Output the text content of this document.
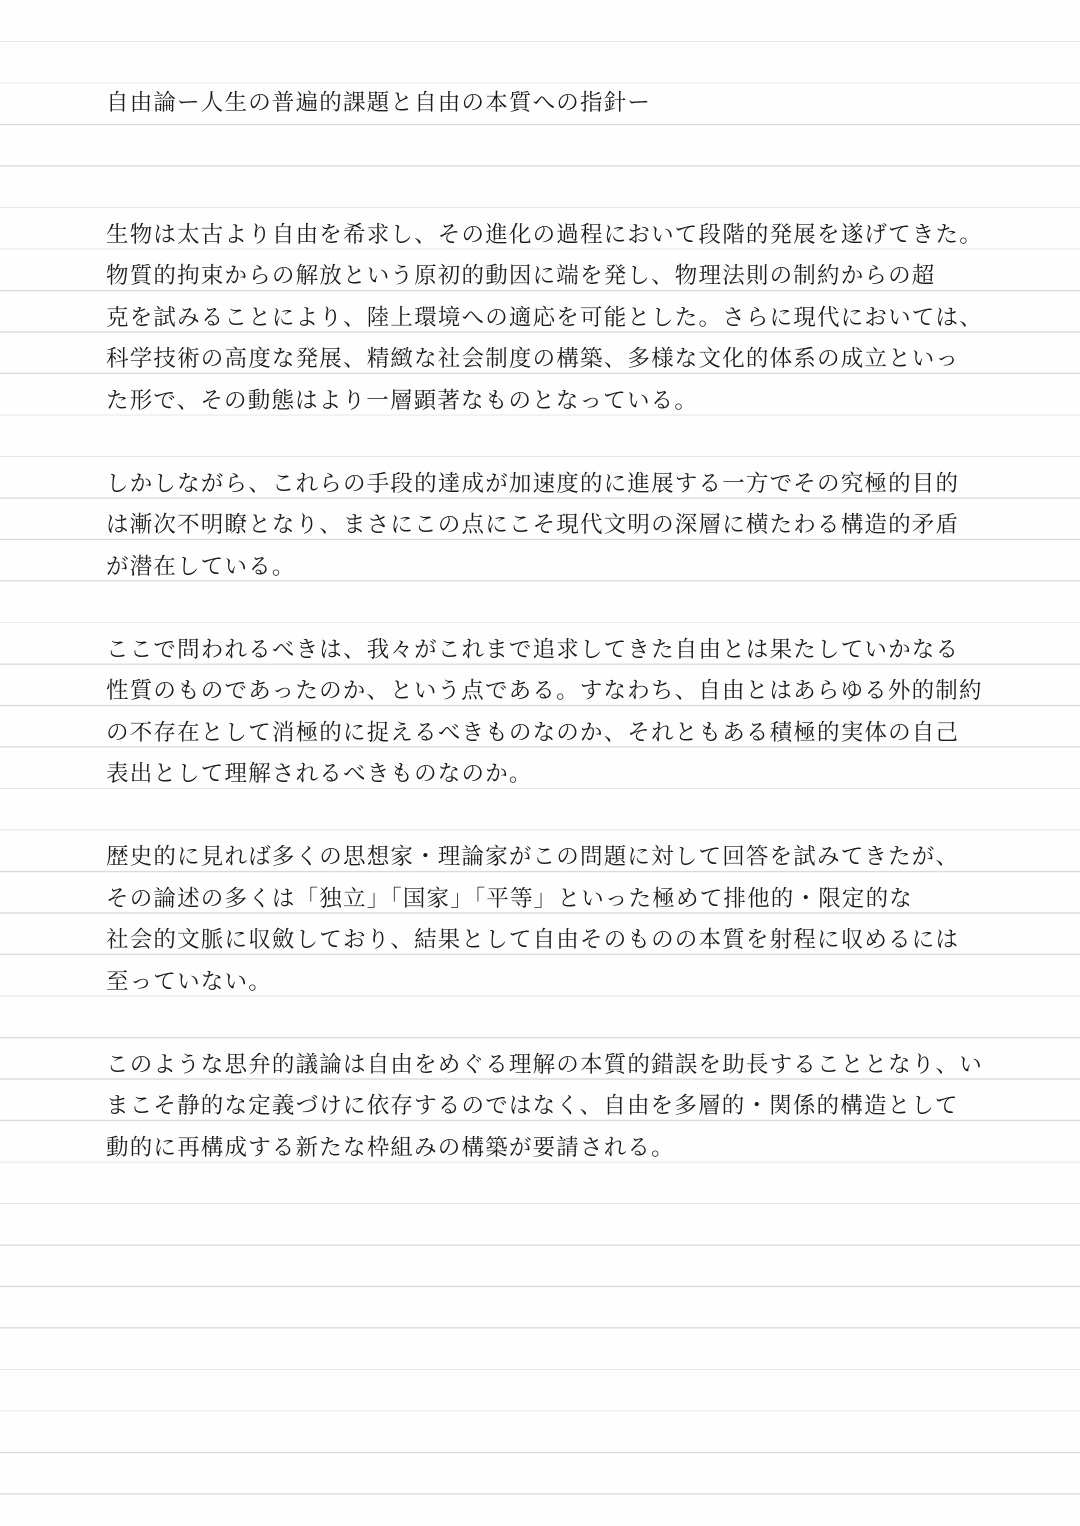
自由論ー人生の普遍的課題と自由の本質への指針ー
生物は太古より自由を希求し、その進化の過程において段階的発展を遂げてきた。
物質的拘束からの解放という原初的動因に端を発し、物理法則の制約からの超
克を試みることにより、陸上環境への適応を可能とした。さらに現代においては、
科学技術の高度な発展、精緻な社会制度の構築、多様な文化的体系の成立といっ
た形で、その動態はより一層顕著なものとなっている。
しかしながら、これらの手段的達成が加速度的に進展する一方でその究極的目的
は漸次不明瞭となり、まさにこの点にこそ現代文明の深層に横たわる構造的矛盾
が潜在している。
ここで問われるべきは、我々がこれまで追求してきた自由とは果たしていかなる
性質のものであったのか、という点である。すなわち、自由とはあらゆる外的制約
の不存在として消極的に捉えるべきものなのか、それともある積極的実体の自己
表出として理解されるべきものなのか。
歴史的に見れば多くの思想家・理論家がこの問題に対して回答を試みてきたが、
その論述の多くは「独立」「国家」「平等」といった極めて排他的・限定的な
社会的文脈に収斂しており、結果として自由そのものの本質を射程に収めるには
至っていない。
このような思弁的議論は自由をめぐる理解の本質的錯誤を助長することとなり、い
まこそ静的な定義づけに依存するのではなく、自由を多層的・関係的構造として
動的に再構成する新たな枠組みの構築が要請される。
